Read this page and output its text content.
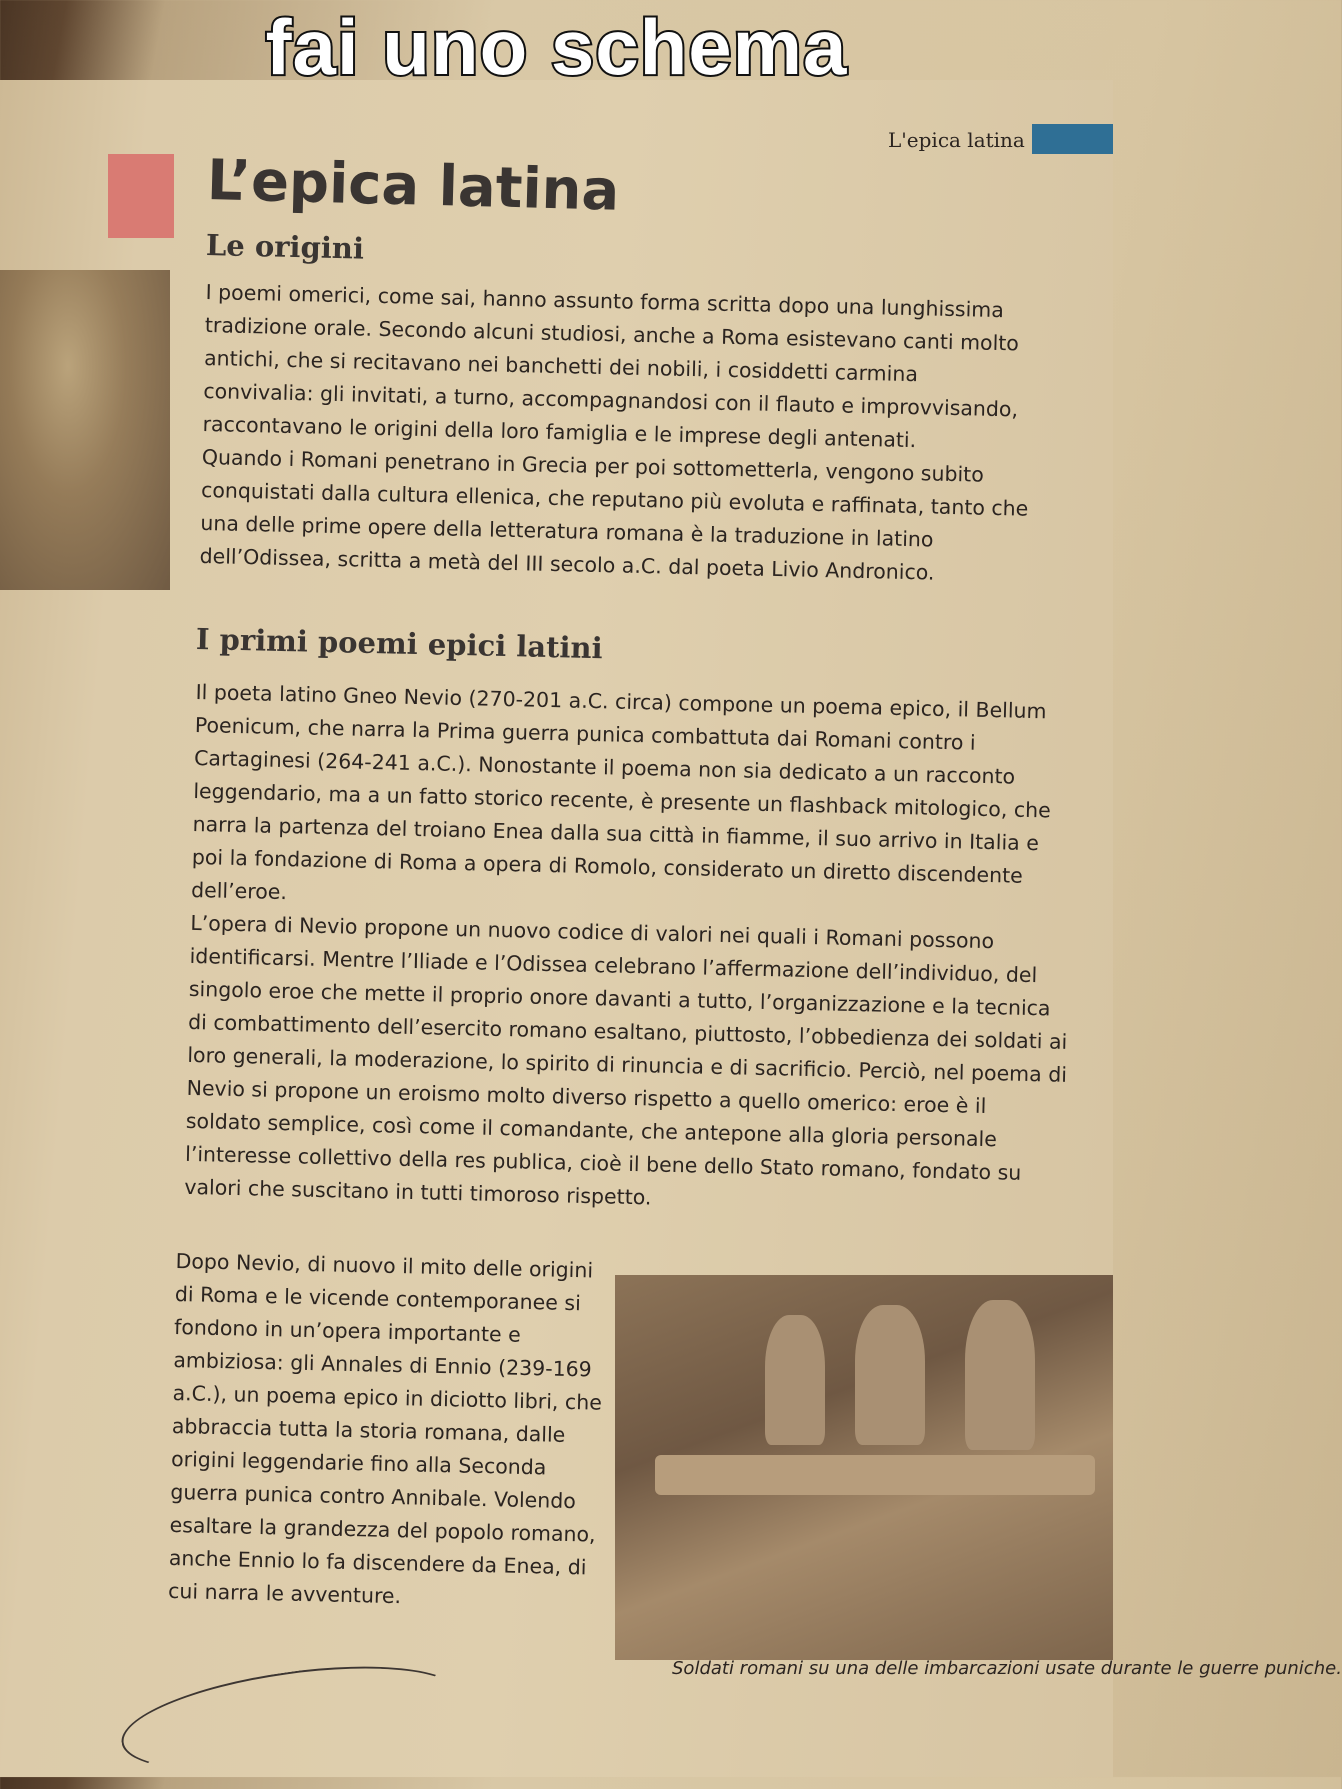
fai uno schema
L'epica latina
L’epica latina
Le origini

I poemi omerici, come sai, hanno assunto forma scritta dopo una lunghissima tradizione orale. Secondo alcuni studiosi, anche a Roma esistevano canti molto antichi, che si recitavano nei banchetti dei nobili, i cosiddetti carmina convivalia: gli invitati, a turno, accompagnandosi con il flauto e improvvisando, raccontavano le origini della loro famiglia e le imprese degli antenati.

Quando i Romani penetrano in Grecia per poi sottometterla, vengono subito conquistati dalla cultura ellenica, che reputano più evoluta e raffinata, tanto che una delle prime opere della letteratura romana è la traduzione in latino dell’Odissea, scritta a metà del III secolo a.C. dal poeta Livio Andronico.

I primi poemi epici latini

Il poeta latino Gneo Nevio (270-201 a.C. circa) compone un poema epico, il Bellum Poenicum, che narra la Prima guerra punica combattuta dai Romani contro i Cartaginesi (264-241 a.C.). Nonostante il poema non sia dedicato a un racconto leggendario, ma a un fatto storico recente, è presente un flashback mitologico, che narra la partenza del troiano Enea dalla sua città in fiamme, il suo arrivo in Italia e poi la fondazione di Roma a opera di Romolo, considerato un diretto discendente dell’eroe.

L’opera di Nevio propone un nuovo codice di valori nei quali i Romani possono identificarsi. Mentre l’Iliade e l’Odissea celebrano l’affermazione dell’individuo, del singolo eroe che mette il proprio onore davanti a tutto, l’organizzazione e la tecnica di combattimento dell’esercito romano esaltano, piuttosto, l’obbedienza dei soldati ai loro generali, la moderazione, lo spirito di rinuncia e di sacrificio. Perciò, nel poema di Nevio si propone un eroismo molto diverso rispetto a quello omerico: eroe è il soldato semplice, così come il comandante, che antepone alla gloria personale l’interesse collettivo della res publica, cioè il bene dello Stato romano, fondato su valori che suscitano in tutti timoroso rispetto.

Dopo Nevio, di nuovo il mito delle origini di Roma e le vicende contemporanee si fondono in un’opera importante e ambiziosa: gli Annales di Ennio (239-169 a.C.), un poema epico in diciotto libri, che abbraccia tutta la storia romana, dalle origini leggendarie fino alla Seconda guerra punica contro Annibale. Volendo esaltare la grandezza del popolo romano, anche Ennio lo fa discendere da Enea, di cui narra le avventure.

Soldati romani su una delle imbarcazioni usate durante le guerre puniche.
